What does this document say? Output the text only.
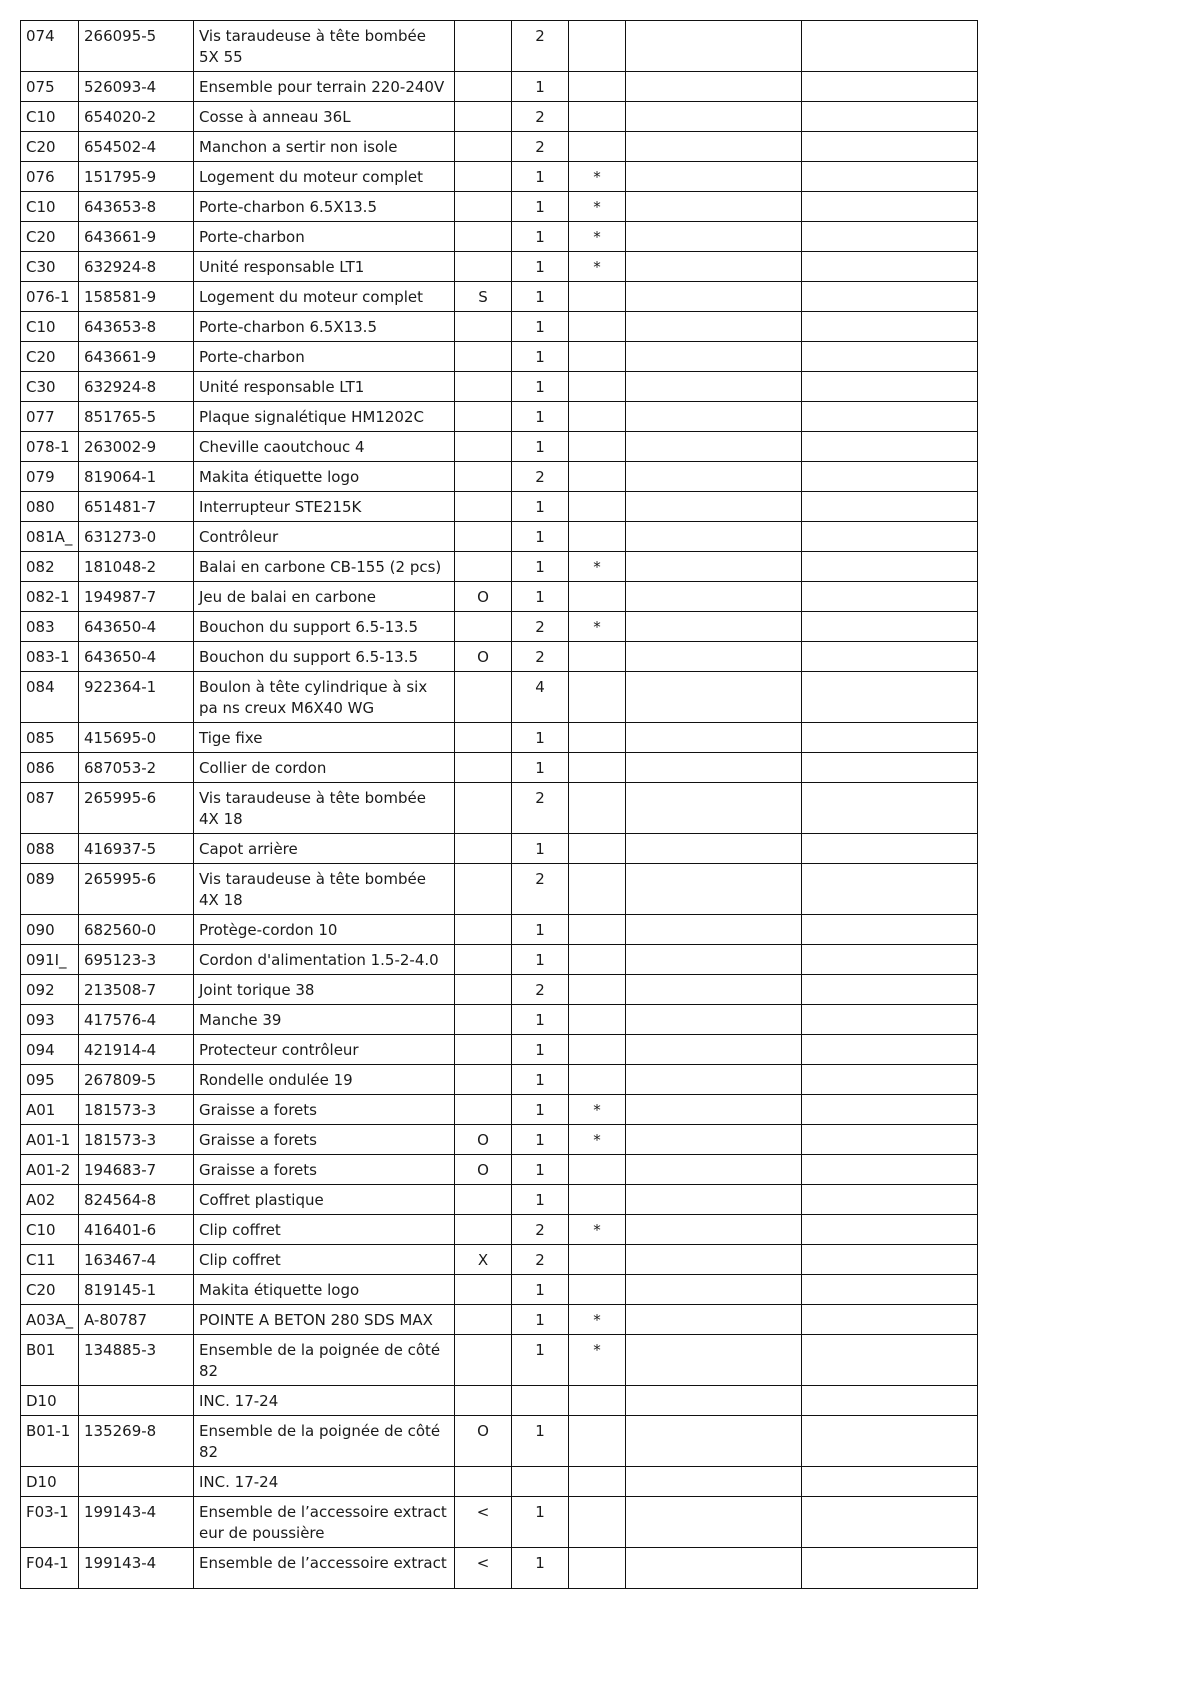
074	266095-5	Vis taraudeuse à tête bombée 5X 55		2			
075	526093-4	Ensemble pour terrain 220-240V		1			
C10	654020-2	Cosse à anneau 36L		2			
C20	654502-4	Manchon a sertir non isole		2			
076	151795-9	Logement du moteur complet		1	*		
C10	643653-8	Porte-charbon 6.5X13.5		1	*		
C20	643661-9	Porte-charbon		1	*		
C30	632924-8	Unité responsable LT1		1	*		
076-1	158581-9	Logement du moteur complet	S	1			
C10	643653-8	Porte-charbon 6.5X13.5		1			
C20	643661-9	Porte-charbon		1			
C30	632924-8	Unité responsable LT1		1			
077	851765-5	Plaque signalétique HM1202C		1			
078-1	263002-9	Cheville caoutchouc 4		1			
079	819064-1	Makita étiquette logo		2			
080	651481-7	Interrupteur STE215K		1			
081A_	631273-0	Contrôleur		1			
082	181048-2	Balai en carbone CB-155 (2 pcs)		1	*		
082-1	194987-7	Jeu de balai en carbone	O	1			
083	643650-4	Bouchon du support 6.5-13.5		2	*		
083-1	643650-4	Bouchon du support 6.5-13.5	O	2			
084	922364-1	Boulon à tête cylindrique à six pa ns creux M6X40 WG		4			
085	415695-0	Tige fixe		1			
086	687053-2	Collier de cordon		1			
087	265995-6	Vis taraudeuse à tête bombée 4X 18		2			
088	416937-5	Capot arrière		1			
089	265995-6	Vis taraudeuse à tête bombée 4X 18		2			
090	682560-0	Protège-cordon 10		1			
091I_	695123-3	Cordon d'alimentation 1.5-2-4.0		1			
092	213508-7	Joint torique 38		2			
093	417576-4	Manche 39		1			
094	421914-4	Protecteur contrôleur		1			
095	267809-5	Rondelle ondulée 19		1			
A01	181573-3	Graisse a forets		1	*		
A01-1	181573-3	Graisse a forets	O	1	*		
A01-2	194683-7	Graisse a forets	O	1			
A02	824564-8	Coffret plastique		1			
C10	416401-6	Clip coffret		2	*		
C11	163467-4	Clip coffret	X	2			
C20	819145-1	Makita étiquette logo		1			
A03A_	A-80787	POINTE A BETON 280 SDS MAX		1	*		
B01	134885-3	Ensemble de la poignée de côté 82		1	*		
D10		INC. 17-24					
B01-1	135269-8	Ensemble de la poignée de côté 82	O	1			
D10		INC. 17-24					
F03-1	199143-4	Ensemble de l’accessoire extract eur de poussière	<	1			
F04-1	199143-4	Ensemble de l’accessoire extract	<	1			
